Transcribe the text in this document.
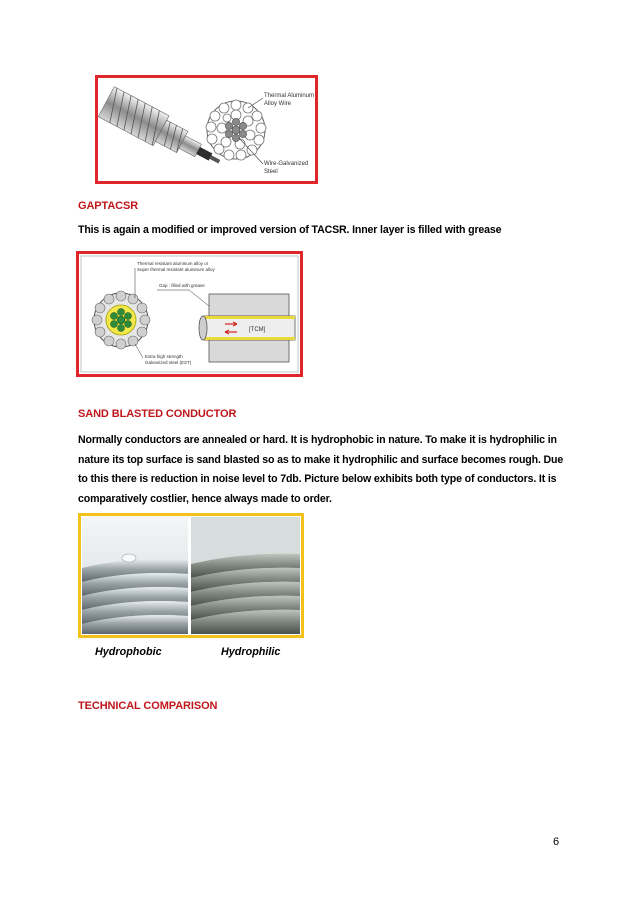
Thermal Aluminum
Alloy Wire
Wire-Galvanized
Steel
GAPTACSR
This is again a modified or improved version of TACSR. Inner layer is filled with grease
[TCM]
Thermal resistant aluminum alloy or
Super thermal resistant aluminum alloy
Gap : filled with grease
Extra high strength
Galvanized steel (EST)
SAND BLASTED CONDUCTOR
Normally conductors are annealed or hard. It is hydrophobic in nature. To make it is hydrophilic in
nature its top surface is sand blasted so as to make it hydrophilic and surface becomes rough. Due
to this there is reduction in noise level to 7db. Picture below exhibits both type of conductors. It is
comparatively costlier, hence always made to order.
Hydrophobic	Hydrophilic
TECHNICAL COMPARISON
6
